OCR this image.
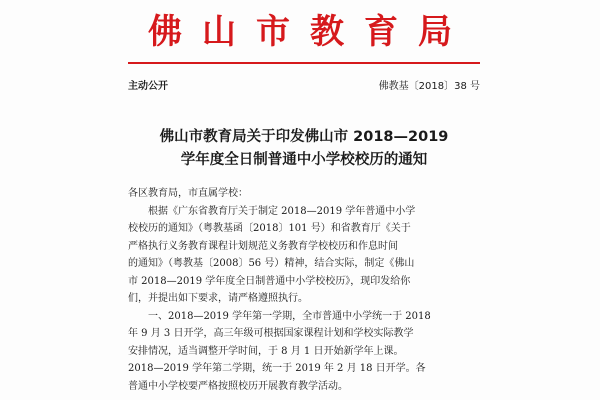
佛山市教育局
主动公开	佛教基〔2018〕38 号
佛山市教育局关于印发佛山市 2018—2019
学年度全日制普通中小学校校历的通知
各区教育局，市直属学校：
根据《广东省教育厅关于制定 2018—2019 学年普通中小学
校校历的通知》（粤教基函〔2018〕101 号）和省教育厅《关于
严格执行义务教育课程计划规范义务教育学校校历和作息时间
的通知》（粤教基〔2008〕56 号）精神，结合实际，制定《佛山
市 2018—2019 学年度全日制普通中小学校校历》，现印发给你
们，并提出如下要求，请严格遵照执行。
一、2018—2019 学年第一学期，全市普通中小学统一于 2018
年 9 月 3 日开学，高三年级可根据国家课程计划和学校实际教学
安排情况，适当调整开学时间，于 8 月 1 日开始新学年上课。
2018—2019 学年第二学期，统一于 2019 年 2 月 18 日开学。各
普通中小学校要严格按照校历开展教育教学活动。
